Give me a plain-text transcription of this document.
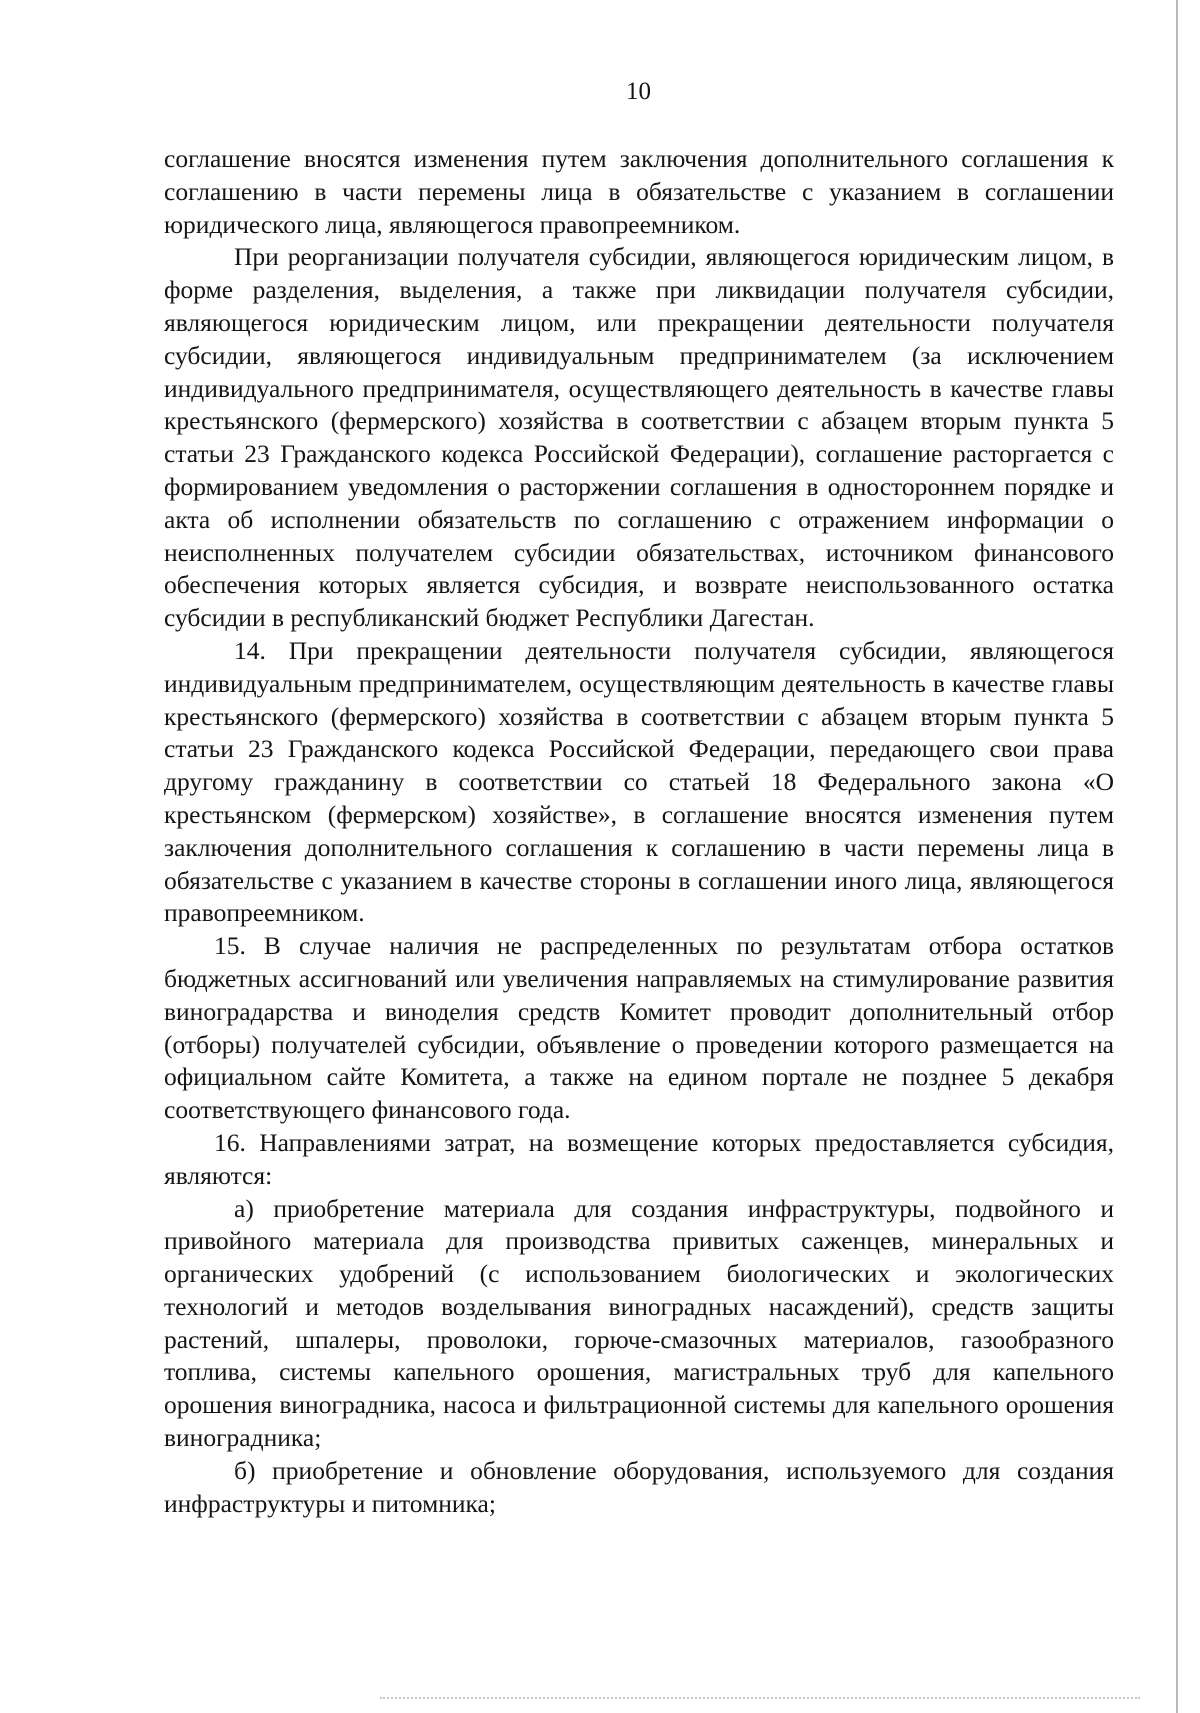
10

соглашение вносятся изменения путем заключения дополнительного соглашения к соглашению в части перемены лица в обязательстве с указанием в соглашении юридического лица, являющегося правопреемником.

При реорганизации получателя субсидии, являющегося юридическим лицом, в форме разделения, выделения, а также при ликвидации получателя субсидии, являющегося юридическим лицом, или прекращении деятельности получателя субсидии, являющегося индивидуальным предпринимателем (за исключением индивидуального предпринимателя, осуществляющего деятельность в качестве главы крестьянского (фермерского) хозяйства в соответствии с абзацем вторым пункта 5 статьи 23 Гражданского кодекса Российской Федерации), соглашение расторгается с формированием уведомления о расторжении соглашения в одностороннем порядке и акта об исполнении обязательств по соглашению с отражением информации о неисполненных получателем субсидии обязательствах, источником финансового обеспечения которых является субсидия, и возврате неиспользованного остатка субсидии в республиканский бюджет Республики Дагестан.

14. При прекращении деятельности получателя субсидии, являющегося индивидуальным предпринимателем, осуществляющим деятельность в качестве главы крестьянского (фермерского) хозяйства в соответствии с абзацем вторым пункта 5 статьи 23 Гражданского кодекса Российской Федерации, передающего свои права другому гражданину в соответствии со статьей 18 Федерального закона «О крестьянском (фермерском) хозяйстве», в соглашение вносятся изменения путем заключения дополнительного соглашения к соглашению в части перемены лица в обязательстве с указанием в качестве стороны в соглашении иного лица, являющегося правопреемником.

15. В случае наличия не распределенных по результатам отбора остатков бюджетных ассигнований или увеличения направляемых на стимулирование развития виноградарства и виноделия средств Комитет проводит дополнительный отбор (отборы) получателей субсидии, объявление о проведении которого размещается на официальном сайте Комитета, а также на едином портале не позднее 5 декабря соответствующего финансового года.

16. Направлениями затрат, на возмещение которых предоставляется субсидия, являются:

а) приобретение материала для создания инфраструктуры, подвойного и привойного материала для производства привитых саженцев, минеральных и органических удобрений (с использованием биологических и экологических технологий и методов возделывания виноградных насаждений), средств защиты растений, шпалеры, проволоки, горюче-смазочных материалов, газообразного топлива, системы капельного орошения, магистральных труб для капельного орошения виноградника, насоса и фильтрационной системы для капельного орошения виноградника;

б) приобретение и обновление оборудования, используемого для создания инфраструктуры и питомника;
